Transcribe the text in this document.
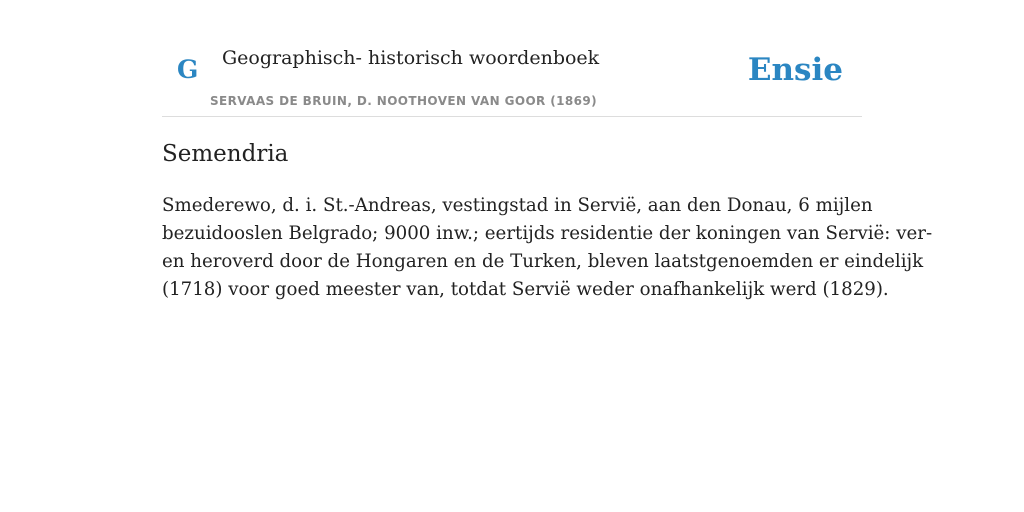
G Geographisch- historisch woordenboek
SERVAAS DE BRUIN, D. NOOTHOVEN VAN GOOR (1869)
Ensie
Semendria

Smederewo, d. i. St.-Andreas, vestingstad in Servië, aan den Donau, 6 mijlen
bezuidooslen Belgrado; 9000 inw.; eertijds residentie der koningen van Servië: ver-
en heroverd door de Hongaren en de Turken, bleven laatstgenoemden er eindelijk
(1718) voor goed meester van, totdat Servië weder onafhankelijk werd (1829).
